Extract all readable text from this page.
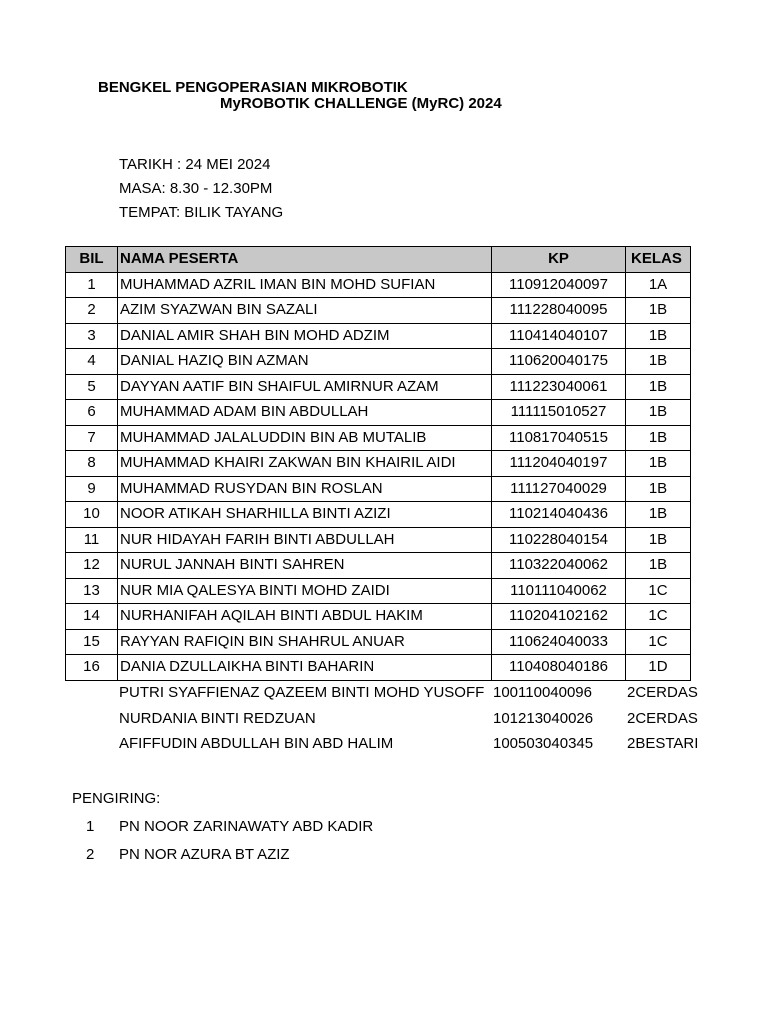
BENGKEL PENGOPERASIAN MIKROBOTIK
MyROBOTIK CHALLENGE (MyRC) 2024
TARIKH : 24 MEI 2024
MASA: 8.30 - 12.30PM
TEMPAT: BILIK TAYANG
BIL	NAMA PESERTA	KP	KELAS
1	MUHAMMAD AZRIL IMAN BIN MOHD SUFIAN	110912040097	1A
2	AZIM SYAZWAN BIN SAZALI	111228040095	1B
3	DANIAL AMIR SHAH BIN MOHD ADZIM	110414040107	1B
4	DANIAL HAZIQ BIN AZMAN	110620040175	1B
5	DAYYAN AATIF BIN SHAIFUL AMIRNUR AZAM	111223040061	1B
6	MUHAMMAD ADAM BIN ABDULLAH	111115010527	1B
7	MUHAMMAD JALALUDDIN BIN AB MUTALIB	110817040515	1B
8	MUHAMMAD KHAIRI ZAKWAN BIN KHAIRIL AIDI	111204040197	1B
9	MUHAMMAD RUSYDAN BIN ROSLAN	111127040029	1B
10	NOOR ATIKAH SHARHILLA BINTI AZIZI	110214040436	1B
11	NUR HIDAYAH FARIH BINTI ABDULLAH	110228040154	1B
12	NURUL JANNAH BINTI SAHREN	110322040062	1B
13	NUR MIA QALESYA BINTI MOHD ZAIDI	110111040062	1C
14	NURHANIFAH AQILAH BINTI ABDUL HAKIM	110204102162	1C
15	RAYYAN RAFIQIN BIN SHAHRUL ANUAR	110624040033	1C
16	DANIA DZULLAIKHA BINTI BAHARIN	110408040186	1D
PUTRI SYAFFIENAZ QAZEEM BINTI MOHD YUSOFF 100110040096	2CERDAS
NURDANIA BINTI REDZUAN	101213040026	2CERDAS
AFIFFUDIN ABDULLAH BIN ABD HALIM	100503040345	2BESTARI
PENGIRING:
1 PN NOOR ZARINAWATY ABD KADIR
2 PN NOR AZURA BT AZIZ
